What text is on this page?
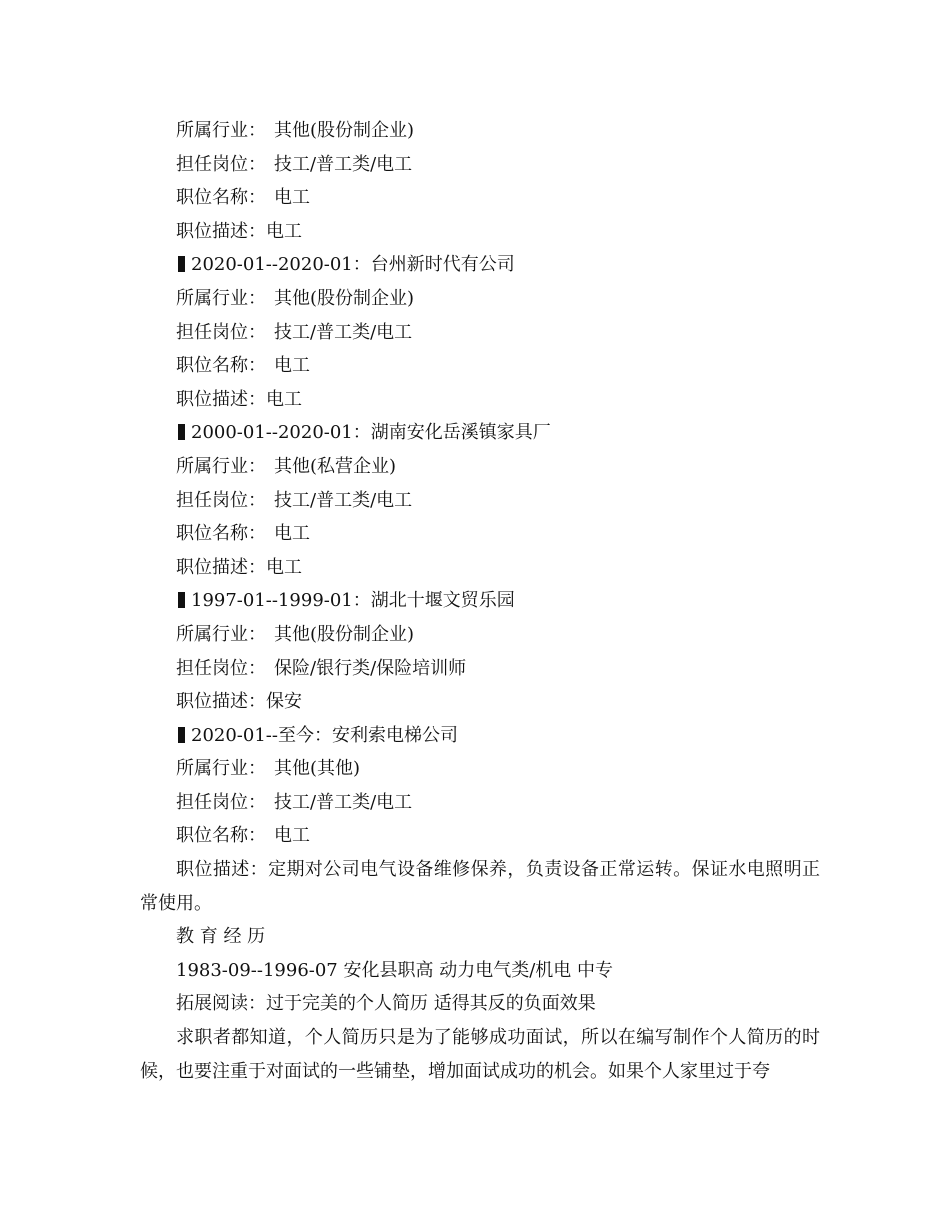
所属行业： 其他(股份制企业)
担任岗位： 技工/普工类/电工
职位名称： 电工
职位描述：电工
2020-01--2020-01：台州新时代有公司
所属行业： 其他(股份制企业)
担任岗位： 技工/普工类/电工
职位名称： 电工
职位描述：电工
2000-01--2020-01：湖南安化岳溪镇家具厂
所属行业： 其他(私营企业)
担任岗位： 技工/普工类/电工
职位名称： 电工
职位描述：电工
1997-01--1999-01：湖北十堰文贸乐园
所属行业： 其他(股份制企业)
担任岗位： 保险/银行类/保险培训师
职位描述：保安
2020-01--至今：安利索电梯公司
所属行业： 其他(其他)
担任岗位： 技工/普工类/电工
职位名称： 电工
职位描述：定期对公司电气设备维修保养，负责设备正常运转。保证水电照明正常使用。
教 育 经 历
1983-09--1996-07 安化县职高 动力电气类/机电 中专
拓展阅读：过于完美的个人简历 适得其反的负面效果
求职者都知道，个人简历只是为了能够成功面试，所以在编写制作个人简历的时候，也要注重于对面试的一些铺垫，增加面试成功的机会。如果个人家里过于夸
